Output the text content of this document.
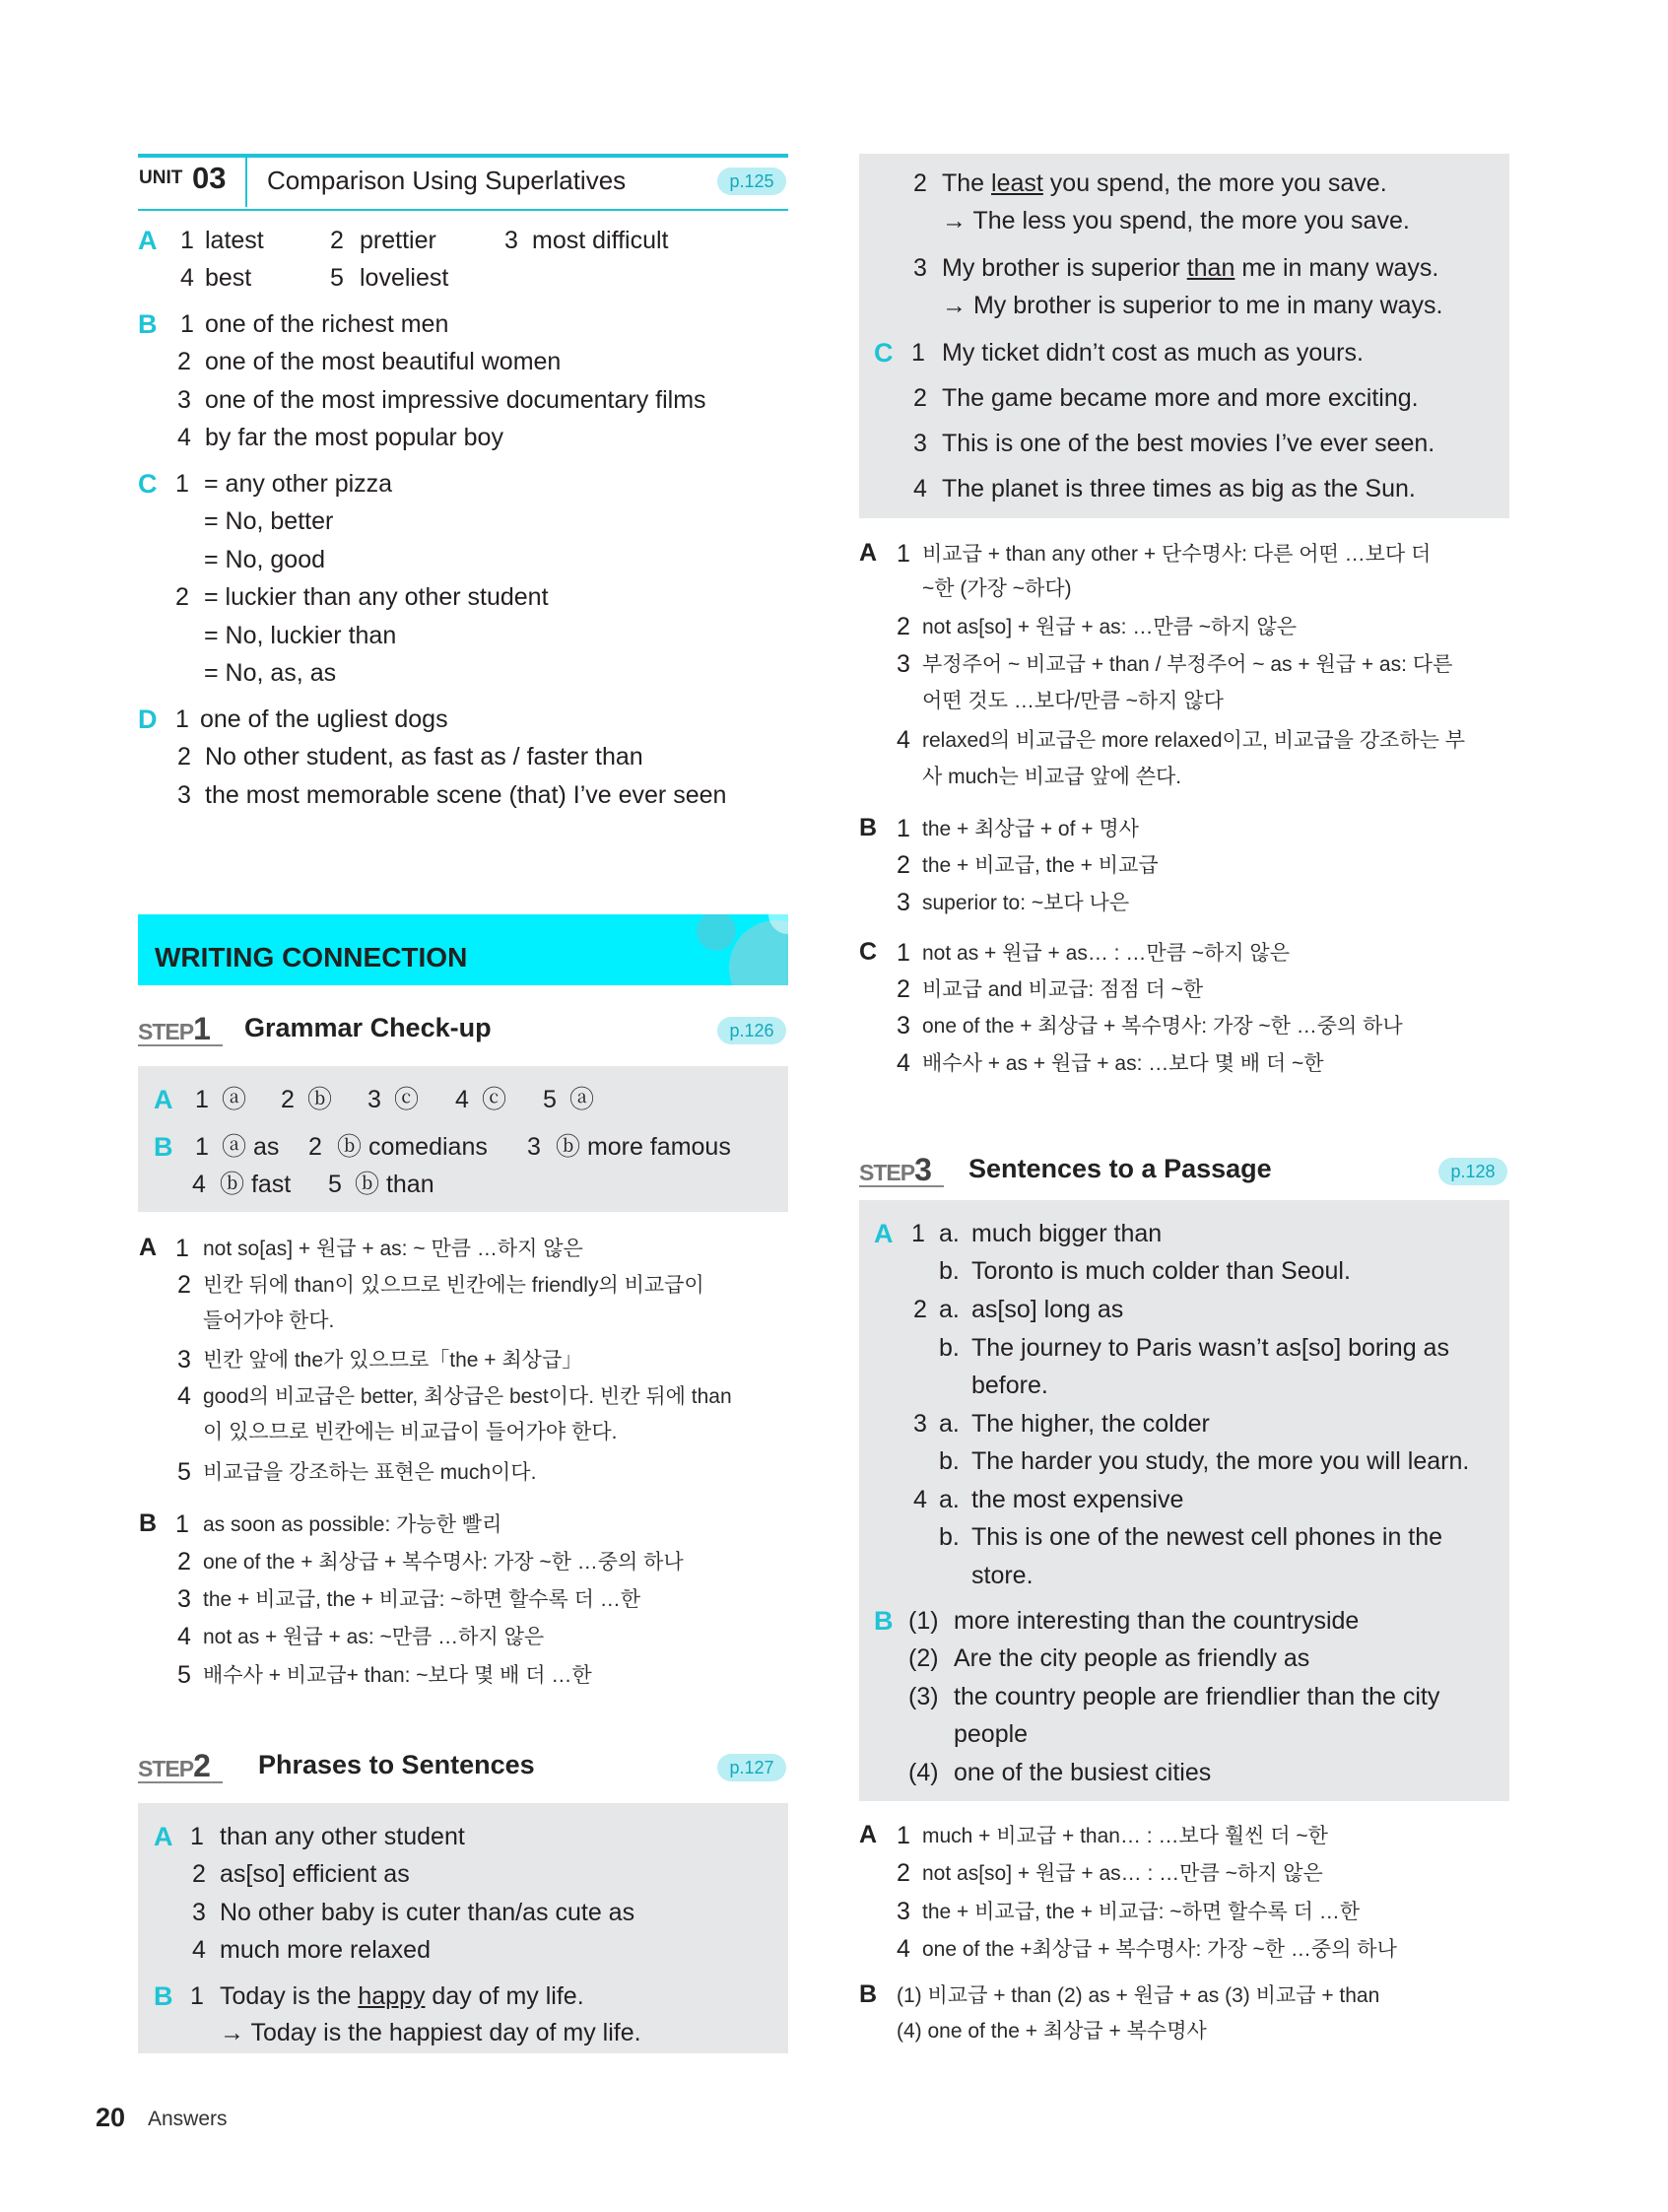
UNIT 03 Comparison Using Superlatives	p.125
A 1 latest	2 prettier	3 most difficult
4 best	5 loveliest
B 1 one of the richest men
2 one of the most beautiful women
3 one of the most impressive documentary films
4 by far the most popular boy
C 1 = any other pizza
= No, better
= No, good
2 = luckier than any other student
= No, luckier than
= No, as, as
D 1 one of the ugliest dogs
2 No other student, as fast as / faster than
3 the most memorable scene (that) I’ve ever seen
WRITING CONNECTION
STEP1 Grammar Check-up	p.126
A 1 ⓐ 2 ⓑ 3 ⓒ 4 ⓒ 5 ⓐ
B 1 ⓐ as 2 ⓑ comedians 3 ⓑ more famous
4 ⓑ fast 5 ⓑ than
A 1 not so[as] + 원급 + as: ~ 만큼 …하지 않은
2 빈칸 뒤에 than이 있으므로 빈칸에는 friendly의 비교급이
들어가야 한다.
3 빈칸 앞에 the가 있으므로「the + 최상급」
4 good의 비교급은 better, 최상급은 best이다. 빈칸 뒤에 than
이 있으므로 빈칸에는 비교급이 들어가야 한다.
5 비교급을 강조하는 표현은 much이다.
B 1 as soon as possible: 가능한 빨리
2 one of the + 최상급 + 복수명사: 가장 ~한 …중의 하나
3 the + 비교급, the + 비교급: ~하면 할수록 더 …한
4 not as + 원급 + as: ~만큼 …하지 않은
5 배수사 + 비교급+ than: ~보다 몇 배 더 …한
STEP2 Phrases to Sentences	p.127
A 1 than any other student
2 as[so] efficient as
3 No other baby is cuter than/as cute as
4 much more relaxed
B 1 Today is the happy day of my life.
→ Today is the happiest day of my life.
2 The least you spend, the more you save.
→ The less you spend, the more you save.
3 My brother is superior than me in many ways.
→ My brother is superior to me in many ways.
C 1 My ticket didn’t cost as much as yours.
2 The game became more and more exciting.
3 This is one of the best movies I’ve ever seen.
4 The planet is three times as big as the Sun.
A 1 비교급 + than any other + 단수명사: 다른 어떤 …보다 더
~한 (가장 ~하다)
2 not as[so] + 원급 + as: …만큼 ~하지 않은
3 부정주어 ~ 비교급 + than / 부정주어 ~ as + 원급 + as: 다른
어떤 것도 …보다/만큼 ~하지 않다
4 relaxed의 비교급은 more relaxed이고, 비교급을 강조하는 부
사 much는 비교급 앞에 쓴다.
B 1 the + 최상급 + of + 명사
2 the + 비교급, the + 비교급
3 superior to: ~보다 나은
C 1 not as + 원급 + as… : …만큼 ~하지 않은
2 비교급 and 비교급: 점점 더 ~한
3 one of the + 최상급 + 복수명사: 가장 ~한 …중의 하나
4 배수사 + as + 원급 + as: …보다 몇 배 더 ~한
STEP3 Sentences to a Passage	p.128
A 1 a. much bigger than
b. Toronto is much colder than Seoul.
2 a. as[so] long as
b. The journey to Paris wasn’t as[so] boring as
before.
3 a. The higher, the colder
b. The harder you study, the more you will learn.
4 a. the most expensive
b. This is one of the newest cell phones in the
store.
B (1) more interesting than the countryside
(2) Are the city people as friendly as
(3) the country people are friendlier than the city
people
(4) one of the busiest cities
A 1 much + 비교급 + than… : …보다 훨씬 더 ~한
2 not as[so] + 원급 + as… : …만큼 ~하지 않은
3 the + 비교급, the + 비교급: ~하면 할수록 더 …한
4 one of the +최상급 + 복수명사: 가장 ~한 …중의 하나
B (1) 비교급 + than (2) as + 원급 + as (3) 비교급 + than
(4) one of the + 최상급 + 복수명사
20 Answers
